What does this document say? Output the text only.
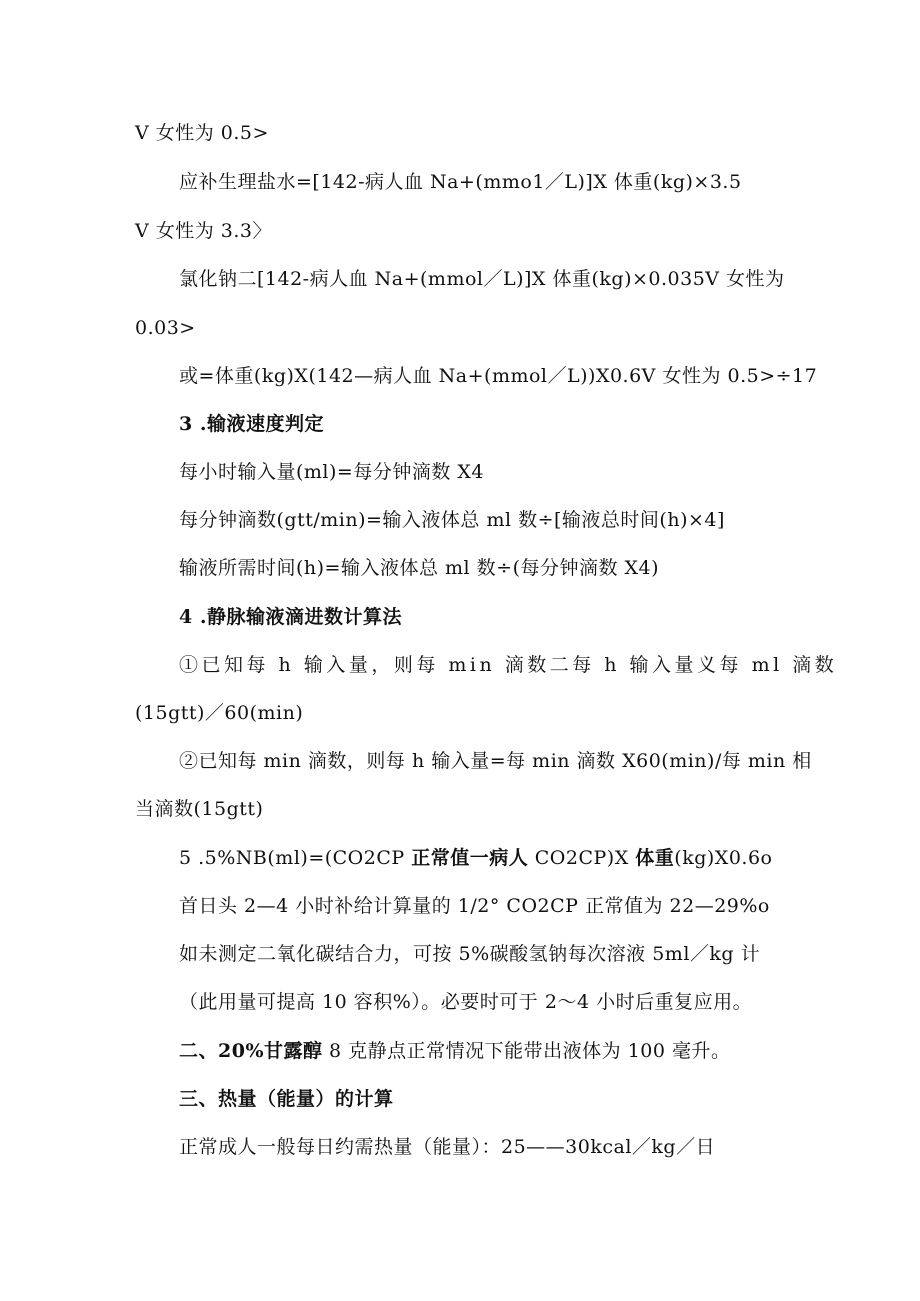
V 女性为 0.5>
应补生理盐水=[142-病人血 Na+(mmo1／L)]X 体重(kg)×3.5
V 女性为 3.3〉
氯化钠二[142-病人血 Na+(mmol／L)]X 体重(kg)×0.035V 女性为
0.03>
或=体重(kg)X(142—病人血 Na+(mmol／L))X0.6V 女性为 0.5>÷17
3 .输液速度判定
每小时输入量(ml)=每分钟滴数 X4
每分钟滴数(gtt/min)=输入液体总 ml 数÷[输液总时间(h)×4]
输液所需时间(h)=输入液体总 ml 数÷(每分钟滴数 X4)
4 .静脉输液滴进数计算法
①已知每 h 输入量，则每 min 滴数二每 h 输入量义每 ml 滴数
(15gtt)／60(min)
②已知每 min 滴数，则每 h 输入量=每 min 滴数 X60(min)/每 min 相
当滴数(15gtt)
5 .5%NB(ml)=(CO2CP 正常值一病人 CO2CP)X 体重(kg)X0.6o
首日头 2—4 小时补给计算量的 1/2° CO2CP 正常值为 22—29%o
如未测定二氧化碳结合力，可按 5%碳酸氢钠每次溶液 5ml／kg 计
（此用量可提高 10 容积%）。必要时可于 2～4 小时后重复应用。
二、20%甘露醇 8 克静点正常情况下能带出液体为 100 毫升。
三、热量（能量）的计算
正常成人一般每日约需热量（能量）：25——30kcal／kg／日
